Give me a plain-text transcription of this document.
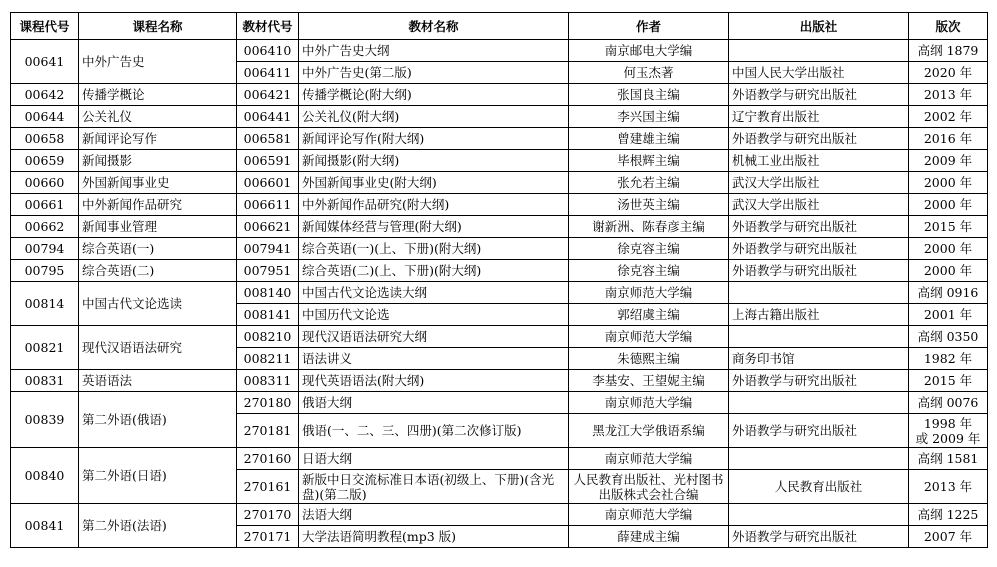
课程代号	课程名称	教材代号	教材名称	作者	出版社	版次
00641	中外广告史	006410	中外广告史大纲	南京邮电大学编		高纲 1879
		006411	中外广告史(第二版)	何玉杰著	中国人民大学出版社	2020 年
00642	传播学概论	006421	传播学概论(附大纲)	张国良主编	外语教学与研究出版社	2013 年
00644	公关礼仪	006441	公关礼仪(附大纲)	李兴国主编	辽宁教育出版社	2002 年
00658	新闻评论写作	006581	新闻评论写作(附大纲)	曾建雄主编	外语教学与研究出版社	2016 年
00659	新闻摄影	006591	新闻摄影(附大纲)	毕根辉主编	机械工业出版社	2009 年
00660	外国新闻事业史	006601	外国新闻事业史(附大纲)	张允若主编	武汉大学出版社	2000 年
00661	中外新闻作品研究	006611	中外新闻作品研究(附大纲)	汤世英主编	武汉大学出版社	2000 年
00662	新闻事业管理	006621	新闻媒体经营与管理(附大纲)	谢新洲、陈春彦主编	外语教学与研究出版社	2015 年
00794	综合英语(一)	007941	综合英语(一)(上、下册)(附大纲)	徐克容主编	外语教学与研究出版社	2000 年
00795	综合英语(二)	007951	综合英语(二)(上、下册)(附大纲)	徐克容主编	外语教学与研究出版社	2000 年
00814	中国古代文论选读	008140	中国古代文论选读大纲	南京师范大学编		高纲 0916
		008141	中国历代文论选	郭绍虞主编	上海古籍出版社	2001 年
00821	现代汉语语法研究	008210	现代汉语语法研究大纲	南京师范大学编		高纲 0350
		008211	语法讲义	朱德熙主编	商务印书馆	1982 年
00831	英语语法	008311	现代英语语法(附大纲)	李基安、王望妮主编	外语教学与研究出版社	2015 年
00839	第二外语(俄语)	270180	俄语大纲	南京师范大学编		高纲 0076
		270181	俄语(一、二、三、四册)(第二次修订版)	黑龙江大学俄语系编	外语教学与研究出版社	1998 年
或 2009 年
00840	第二外语(日语)	270160	日语大纲	南京师范大学编		高纲 1581
		270161	新版中日交流标准日本语(初级上、下册)(含光盘)(第二版)	人民教育出版社、光村图书出版株式会社合编	人民教育出版社	2013 年
00841	第二外语(法语)	270170	法语大纲	南京师范大学编		高纲 1225
		270171	大学法语简明教程(mp3 版)	薛建成主编	外语教学与研究出版社	2007 年
